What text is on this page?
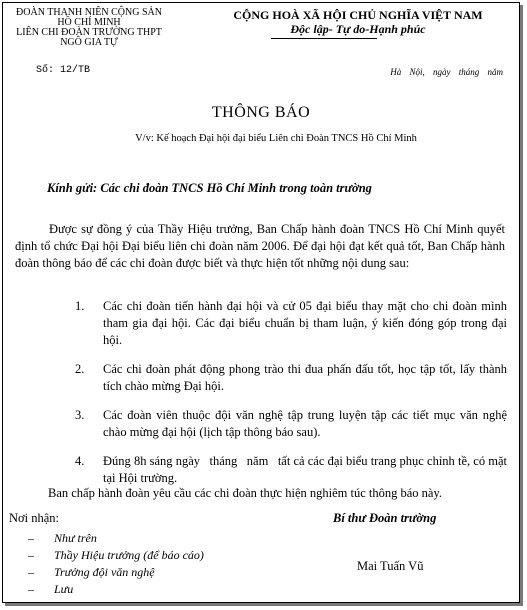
ĐOÀN THANH NIÊN CỘNG SẢN
HỒ CHÍ MINH
LIÊN CHI ĐOÀN TRƯỜNG THPT
NGÔ GIA TỰ
Số: 12/TB
CỘNG HOÀ XÃ HỘI CHỦ NGHĨA VIỆT NAM
Độc lập- Tự do-Hạnh phúc
Hà Nội, ngày tháng năm
THÔNG BÁO
V/v: Kế hoạch Đại hội đại biểu Liên chi Đoàn TNCS Hồ Chí Minh
Kính gửi: Các chi đoàn TNCS Hồ Chí Minh trong toàn trường

Được sự đồng ý của Thầy Hiệu trưởng, Ban Chấp hành đoàn TNCS Hồ Chí Minh quyết định tổ chức Đại hội Đại biểu liên chi đoàn năm 2006. Để đại hội đạt kết quả tốt, Ban Chấp hành đoàn thông báo để các chi đoàn được biết và thực hiện tốt những nội dung sau:

1. Các chi đoàn tiến hành đại hội và cử 05 đại biểu thay mặt cho chi đoàn mình tham gia đại hội. Các đại biểu chuẩn bị tham luận, ý kiến đóng góp trong đại hội.
2. Các chi đoàn phát động phong trào thi đua phấn đấu tốt, học tập tốt, lấy thành tích chào mừng Đại hội.
3. Các đoàn viên thuộc đội văn nghệ tập trung luyện tập các tiết mục văn nghệ chào mừng đại hội (lịch tập thông báo sau).
4. Đúng 8h sáng ngày   tháng   năm   tất cả các đại biểu trang phục chỉnh tề, có mặt tại Hội trường.
Ban chấp hành đoàn yêu cầu các chi đoàn thực hiện nghiêm túc thông báo này.
Nơi nhận:
– Như trên
– Thầy Hiệu trưởng (để báo cáo)
– Trưởng đội văn nghệ
– Lưu
Bí thư Đoàn trường
Mai Tuấn Vũ
